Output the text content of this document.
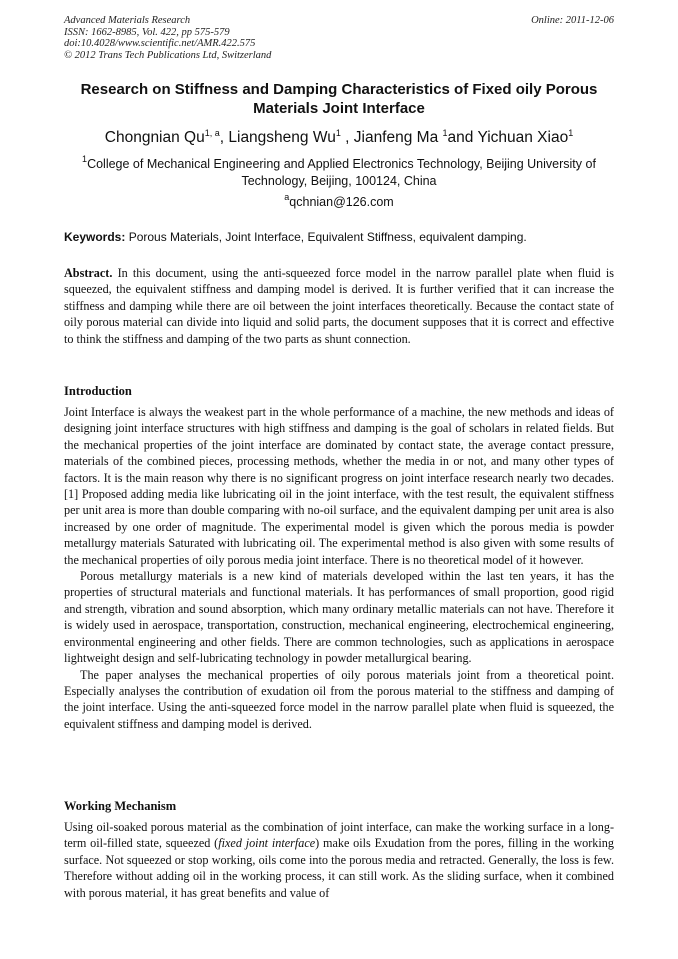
Advanced Materials Research
ISSN: 1662-8985, Vol. 422, pp 575-579
doi:10.4028/www.scientific.net/AMR.422.575
© 2012 Trans Tech Publications Ltd, Switzerland
Online: 2011-12-06
Research on Stiffness and Damping Characteristics of Fixed oily Porous Materials Joint Interface
Chongnian Qu$^{1, a}$, Liangsheng Wu$^1$ , Jianfeng Ma $^1$and Yichuan Xiao$^1$
$^1$College of Mechanical Engineering and Applied Electronics Technology, Beijing University of Technology, Beijing, 100124, China
$^a$qchnian@126.com
Keywords: Porous Materials, Joint Interface, Equivalent Stiffness, equivalent damping.

Abstract. In this document, using the anti-squeezed force model in the narrow parallel plate when fluid is squeezed, the equivalent stiffness and damping model is derived. It is further verified that it can increase the stiffness and damping while there are oil between the joint interfaces theoretically. Because the contact state of oily porous material can divide into liquid and solid parts, the document supposes that it is correct and effective to think the stiffness and damping of the two parts as shunt connection.

Introduction

Joint Interface is always the weakest part in the whole performance of a machine, the new methods and ideas of designing joint interface structures with high stiffness and damping is the goal of scholars in related fields. But the mechanical properties of the joint interface are dominated by contact state, the average contact pressure, materials of the combined pieces, processing methods, whether the media in or not, and many other types of factors. It is the main reason why there is no significant progress on joint interface research nearly two decades. [1] Proposed adding media like lubricating oil in the joint interface, with the test result, the equivalent stiffness per unit area is more than double comparing with no-oil surface, and the equivalent damping per unit area is also increased by one order of magnitude. The experimental model is given which the porous media is powder metallurgy materials Saturated with lubricating oil. The experimental method is also given with some results of the mechanical properties of oily porous media joint interface. There is no theoretical model of it however.

Porous metallurgy materials is a new kind of materials developed within the last ten years, it has the properties of structural materials and functional materials. It has performances of small proportion, good rigid and strength, vibration and sound absorption, which many ordinary metallic materials can not have. Therefore it is widely used in aerospace, transportation, construction, mechanical engineering, electrochemical engineering, environmental engineering and other fields. There are common technologies, such as applications in aerospace lightweight design and self-lubricating technology in powder metallurgical bearing.

The paper analyses the mechanical properties of oily porous materials joint from a theoretical point. Especially analyses the contribution of exudation oil from the porous material to the stiffness and damping of the joint interface. Using the anti-squeezed force model in the narrow parallel plate when fluid is squeezed, the equivalent stiffness and damping model is derived.

Working Mechanism

Using oil-soaked porous material as the combination of joint interface, can make the working surface in a long-term oil-filled state, squeezed (fixed joint interface) make oils Exudation from the pores, filling in the working surface. Not squeezed or stop working, oils come into the porous media and retracted. Generally, the loss is few. Therefore without adding oil in the working process, it can still work. As the sliding surface, when it combined with porous material, it has great benefits and value of
